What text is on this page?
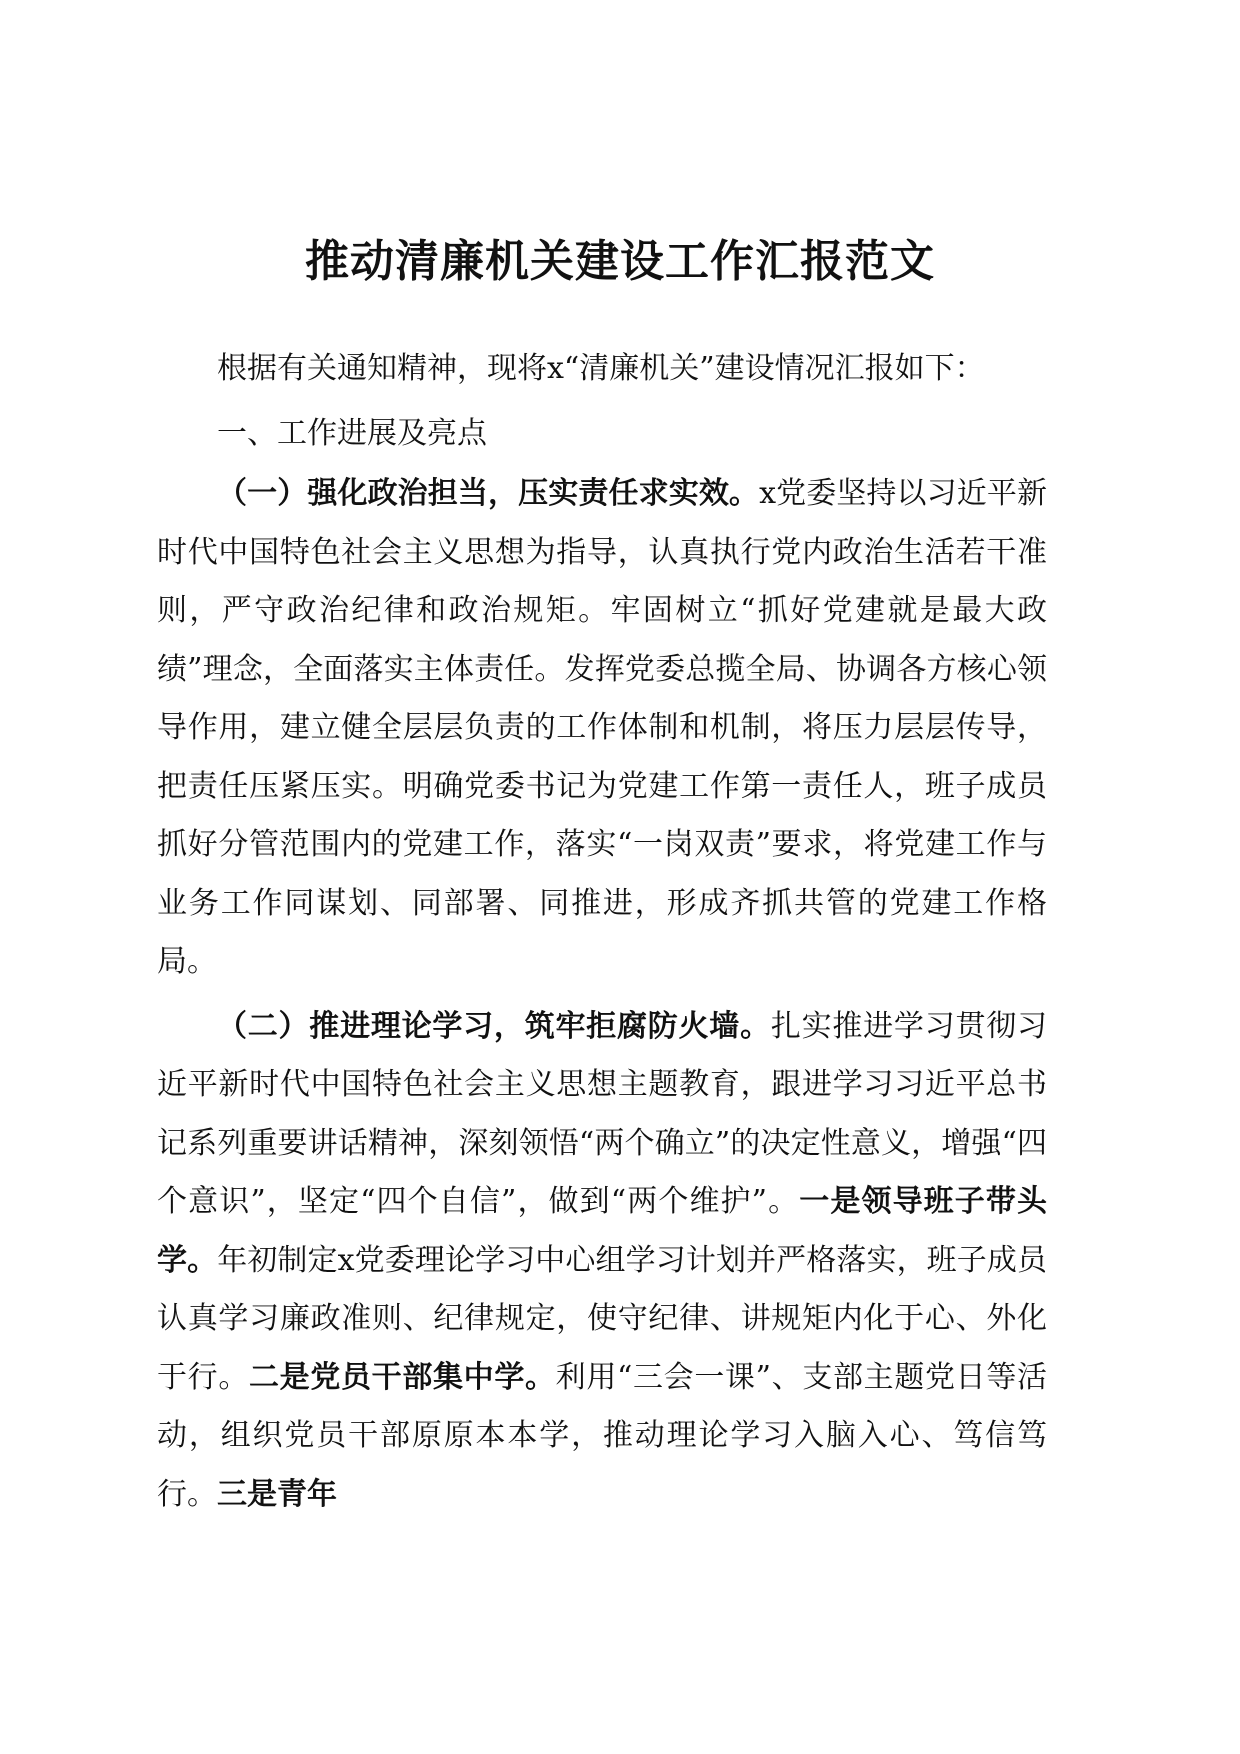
推动清廉机关建设工作汇报范文

根据有关通知精神，现将x“清廉机关”建设情况汇报如下：

一、工作进展及亮点

（一）强化政治担当，压实责任求实效。x党委坚持以习近平新时代中国特色社会主义思想为指导，认真执行党内政治生活若干准则，严守政治纪律和政治规矩。牢固树立“抓好党建就是最大政绩”理念，全面落实主体责任。发挥党委总揽全局、协调各方核心领导作用，建立健全层层负责的工作体制和机制，将压力层层传导，把责任压紧压实。明确党委书记为党建工作第一责任人，班子成员抓好分管范围内的党建工作，落实“一岗双责”要求，将党建工作与业务工作同谋划、同部署、同推进，形成齐抓共管的党建工作格局。

（二）推进理论学习，筑牢拒腐防火墙。扎实推进学习贯彻习近平新时代中国特色社会主义思想主题教育，跟进学习习近平总书记系列重要讲话精神，深刻领悟“两个确立”的决定性意义，增强“四个意识”，坚定“四个自信”，做到“两个维护”。一是领导班子带头学。年初制定x党委理论学习中心组学习计划并严格落实，班子成员认真学习廉政准则、纪律规定，使守纪律、讲规矩内化于心、外化于行。二是党员干部集中学。利用“三会一课”、支部主题党日等活动，组织党员干部原原本本学，推动理论学习入脑入心、笃信笃行。三是青年
